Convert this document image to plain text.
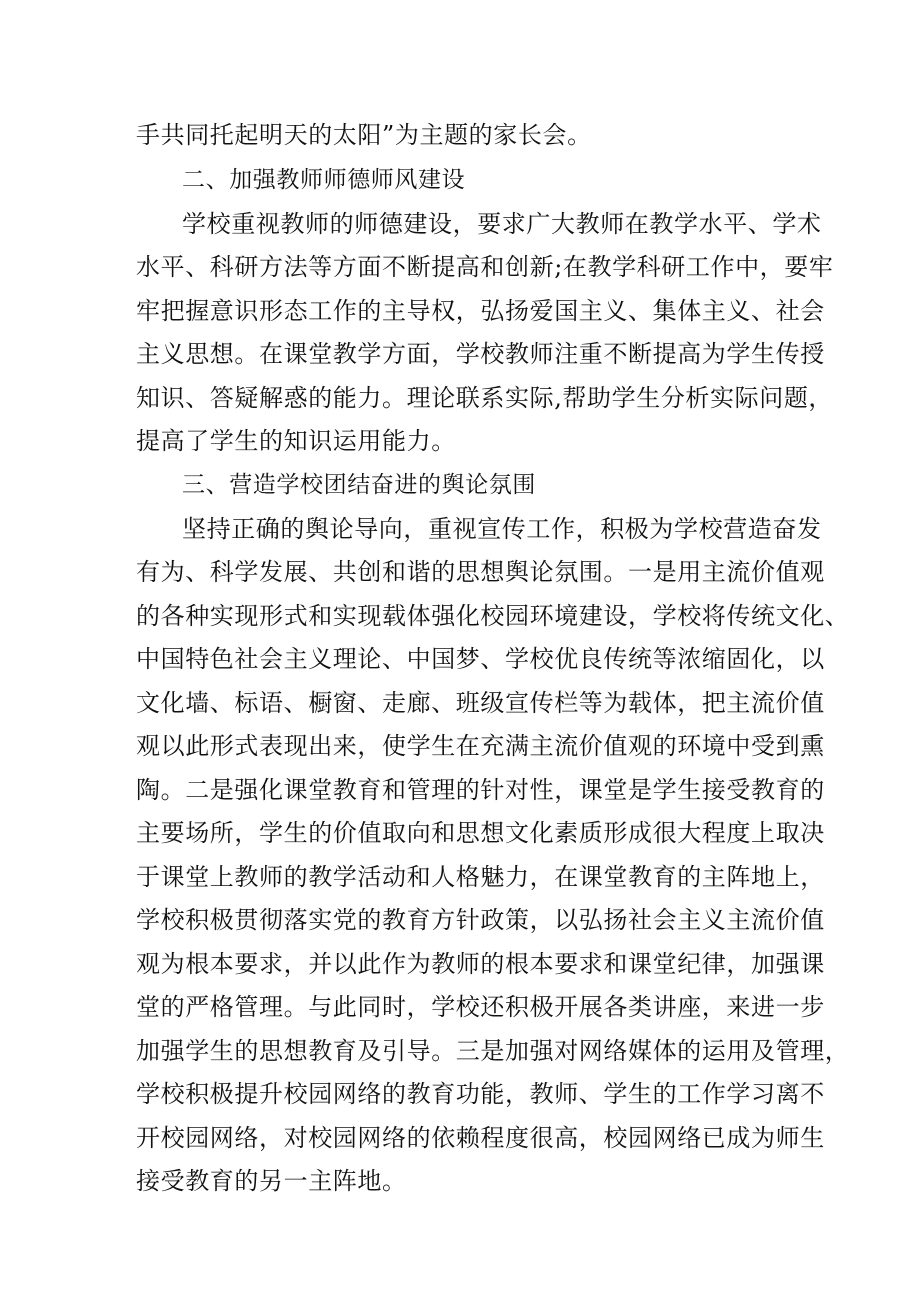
手共同托起明天的太阳”为主题的家长会。
二、加强教师师德师风建设
学校重视教师的师德建设，要求广大教师在教学水平、学术
水平、科研方法等方面不断提高和创新;在教学科研工作中，要牢
牢把握意识形态工作的主导权，弘扬爱国主义、集体主义、社会
主义思想。在课堂教学方面，学校教师注重不断提高为学生传授
知识、答疑解惑的能力。理论联系实际,帮助学生分析实际问题，
提高了学生的知识运用能力。
三、营造学校团结奋进的舆论氛围
坚持正确的舆论导向，重视宣传工作，积极为学校营造奋发
有为、科学发展、共创和谐的思想舆论氛围。一是用主流价值观
的各种实现形式和实现载体强化校园环境建设，学校将传统文化、
中国特色社会主义理论、中国梦、学校优良传统等浓缩固化，以
文化墙、标语、橱窗、走廊、班级宣传栏等为载体，把主流价值
观以此形式表现出来，使学生在充满主流价值观的环境中受到熏
陶。二是强化课堂教育和管理的针对性，课堂是学生接受教育的
主要场所，学生的价值取向和思想文化素质形成很大程度上取决
于课堂上教师的教学活动和人格魅力，在课堂教育的主阵地上，
学校积极贯彻落实党的教育方针政策，以弘扬社会主义主流价值
观为根本要求，并以此作为教师的根本要求和课堂纪律，加强课
堂的严格管理。与此同时，学校还积极开展各类讲座，来进一步
加强学生的思想教育及引导。三是加强对网络媒体的运用及管理，
学校积极提升校园网络的教育功能，教师、学生的工作学习离不
开校园网络，对校园网络的依赖程度很高，校园网络已成为师生
接受教育的另一主阵地。
